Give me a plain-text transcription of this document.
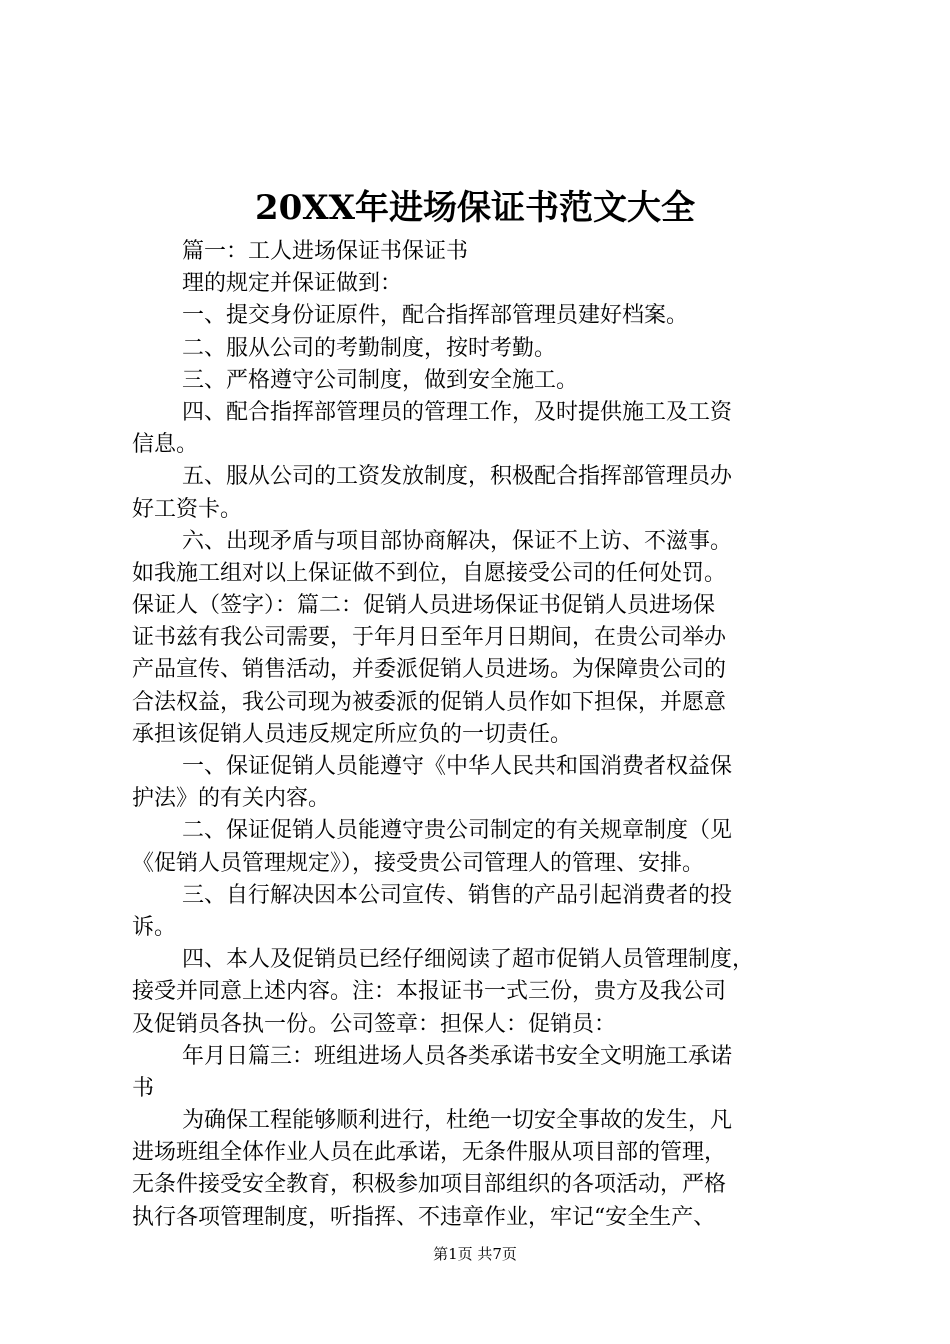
20XX年进场保证书范文大全
篇一：工人进场保证书保证书
理的规定并保证做到：
一、提交身份证原件，配合指挥部管理员建好档案。
二、服从公司的考勤制度，按时考勤。
三、严格遵守公司制度，做到安全施工。
四、配合指挥部管理员的管理工作，及时提供施工及工资
信息。
五、服从公司的工资发放制度，积极配合指挥部管理员办
好工资卡。
六、出现矛盾与项目部协商解决，保证不上访、不滋事。
如我施工组对以上保证做不到位，自愿接受公司的任何处罚。
保证人（签字）：篇二：促销人员进场保证书促销人员进场保
证书兹有我公司需要，于年月日至年月日期间，在贵公司举办
产品宣传、销售活动，并委派促销人员进场。为保障贵公司的
合法权益，我公司现为被委派的促销人员作如下担保，并愿意
承担该促销人员违反规定所应负的一切责任。
一、保证促销人员能遵守《中华人民共和国消费者权益保
护法》的有关内容。
二、保证促销人员能遵守贵公司制定的有关规章制度（见
《促销人员管理规定》），接受贵公司管理人的管理、安排。
三、自行解决因本公司宣传、销售的产品引起消费者的投
诉。
四、本人及促销员已经仔细阅读了超市促销人员管理制度，
接受并同意上述内容。注：本报证书一式三份，贵方及我公司
及促销员各执一份。公司签章：担保人：促销员：
年月日篇三：班组进场人员各类承诺书安全文明施工承诺
书
为确保工程能够顺利进行，杜绝一切安全事故的发生，凡
进场班组全体作业人员在此承诺，无条件服从项目部的管理，
无条件接受安全教育，积极参加项目部组织的各项活动，严格
执行各项管理制度，听指挥、不违章作业，牢记“安全生产、
第1页 共7页
